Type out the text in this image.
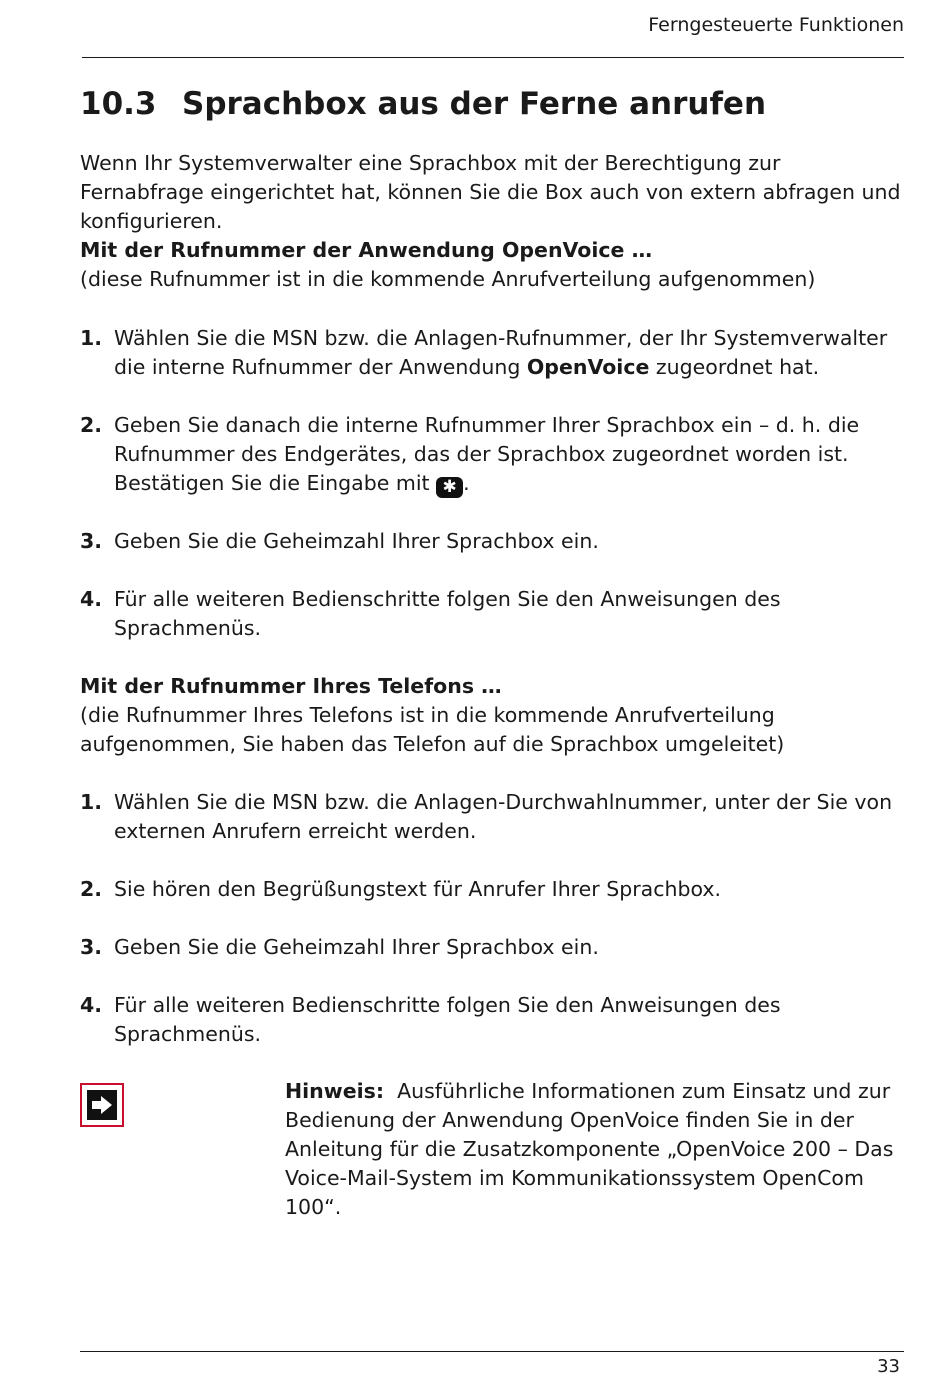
Ferngesteuerte Funktionen
10.3 Sprachbox aus der Ferne anrufen

Wenn Ihr Systemverwalter eine Sprachbox mit der Berechtigung zur Fernabfrage eingerichtet hat, können Sie die Box auch von extern abfragen und konfigurieren.

Mit der Rufnummer der Anwendung OpenVoice …
(diese Rufnummer ist in die kommende Anrufverteilung aufgenommen)
1. Wählen Sie die MSN bzw. die Anlagen-Rufnummer, der Ihr Systemverwalter die interne Rufnummer der Anwendung OpenVoice zugeordnet hat.
2. Geben Sie danach die interne Rufnummer Ihrer Sprachbox ein – d. h. die Rufnummer des Endgerätes, das der Sprachbox zugeordnet worden ist. Bestätigen Sie die Eingabe mit ✱ .
3. Geben Sie die Geheimzahl Ihrer Sprachbox ein.
4. Für alle weiteren Bedienschritte folgen Sie den Anweisungen des Sprachmenüs.
Mit der Rufnummer Ihres Telefons …
(die Rufnummer Ihres Telefons ist in die kommende Anrufverteilung aufgenommen, Sie haben das Telefon auf die Sprachbox umgeleitet)
1. Wählen Sie die MSN bzw. die Anlagen-Durchwahlnummer, unter der Sie von externen Anrufern erreicht werden.
2. Sie hören den Begrüßungstext für Anrufer Ihrer Sprachbox.
3. Geben Sie die Geheimzahl Ihrer Sprachbox ein.
4. Für alle weiteren Bedienschritte folgen Sie den Anweisungen des Sprachmenüs.
Hinweis: Ausführliche Informationen zum Einsatz und zur Bedienung der Anwendung OpenVoice finden Sie in der Anleitung für die Zusatzkomponente „OpenVoice 200 – Das Voice-Mail-System im Kommunikationssystem OpenCom 100“.
33
